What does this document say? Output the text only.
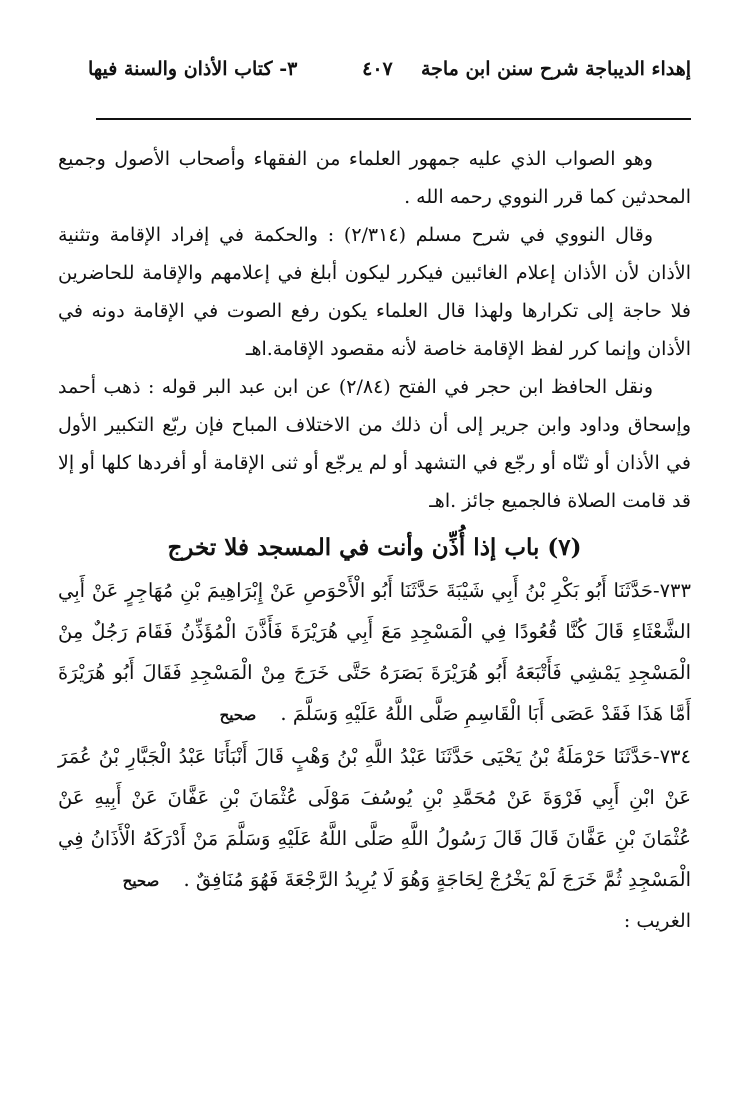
إهداء الديباجة شرح سنن ابن ماجة
٤٠٧
٣- كتاب الأذان والسنة فيها

وهو الصواب الذي عليه جمهور العلماء من الفقهاء وأصحاب الأصول وجميع المحدثين كما قرر النووي رحمه الله .

وقال النووي في شرح مسلم (٢/٣١٤) : والحكمة في إفراد الإقامة وتثنية الأذان لأن الأذان إعلام الغائبين فيكرر ليكون أبلغ في إعلامهم والإقامة للحاضرين فلا حاجة إلى تكرارها ولهذا قال العلماء يكون رفع الصوت في الإقامة دونه في الأذان وإنما كرر لفظ الإقامة خاصة لأنه مقصود الإقامة.اهـ

ونقل الحافظ ابن حجر في الفتح (٢/٨٤) عن ابن عبد البر قوله : ذهب أحمد وإسحاق وداود وابن جرير إلى أن ذلك من الاختلاف المباح فإن ربّع التكبير الأول في الأذان أو ثنّاه أو رجّع في التشهد أو لم يرجّع أو ثنى الإقامة أو أفردها كلها أو إلا قد قامت الصلاة فالجميع جائز .اهـ

(٧) باب إذا أُذِّن وأنت في المسجد فلا تخرج

٧٣٣-حَدَّثَنَا أَبُو بَكْرِ بْنُ أَبِي شَيْبَةَ حَدَّثَنَا أَبُو الْأَحْوَصِ عَنْ إِبْرَاهِيمَ بْنِ مُهَاجِرٍ عَنْ أَبِي الشَّعْثَاءِ قَالَ كُنَّا قُعُودًا فِي الْمَسْجِدِ مَعَ أَبِي هُرَيْرَةَ فَأَذَّنَ الْمُؤَذِّنُ فَقَامَ رَجُلٌ مِنْ الْمَسْجِدِ يَمْشِي فَأَتْبَعَهُ أَبُو هُرَيْرَةَ بَصَرَهُ حَتَّى خَرَجَ مِنْ الْمَسْجِدِ فَقَالَ أَبُو هُرَيْرَةَ أَمَّا هَذَا فَقَدْ عَصَى أَبَا الْقَاسِمِ صَلَّى اللَّهُ عَلَيْهِ وَسَلَّمَ . صحيح

٧٣٤-حَدَّثَنَا حَرْمَلَةُ بْنُ يَحْيَى حَدَّثَنَا عَبْدُ اللَّهِ بْنُ وَهْبٍ قَالَ أَنْبَأَنَا عَبْدُ الْجَبَّارِ بْنُ عُمَرَ عَنْ ابْنِ أَبِي فَرْوَةَ عَنْ مُحَمَّدِ بْنِ يُوسُفَ مَوْلَى عُثْمَانَ بْنِ عَفَّانَ عَنْ أَبِيهِ عَنْ عُثْمَانَ بْنِ عَفَّانَ قَالَ قَالَ رَسُولُ اللَّهِ صَلَّى اللَّهُ عَلَيْهِ وَسَلَّمَ مَنْ أَدْرَكَهُ الْأَذَانُ فِي الْمَسْجِدِ ثُمَّ خَرَجَ لَمْ يَخْرُجْ لِحَاجَةٍ وَهُوَ لَا يُرِيدُ الرَّجْعَةَ فَهُوَ مُنَافِقٌ . صحيح

الغريب :
